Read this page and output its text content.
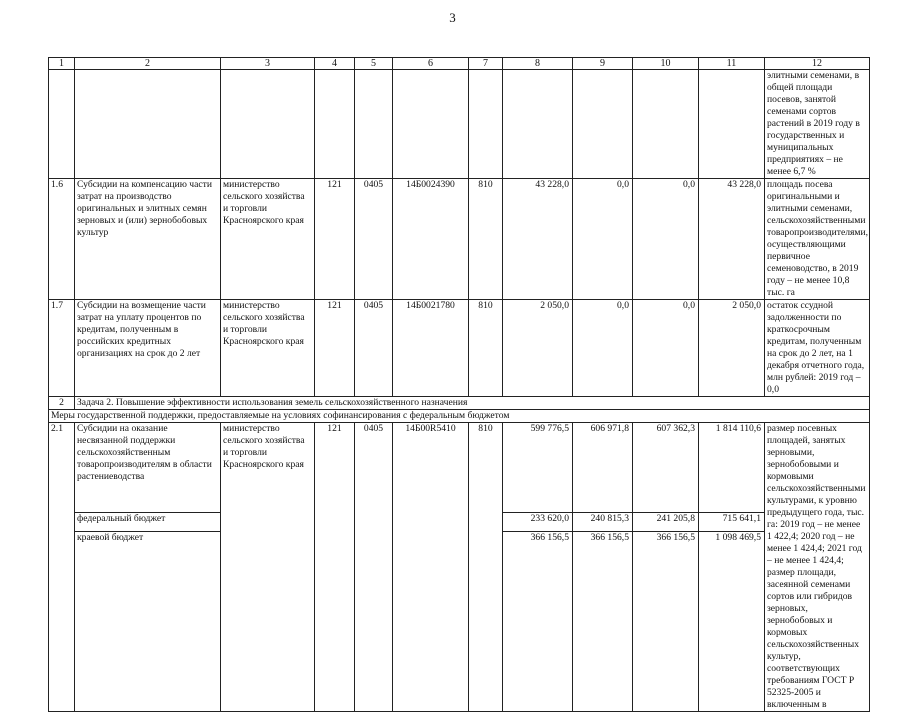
3
1	2	3	4	5	6	7	8	9	10	11	12
											элитными семенами, в общей площади посевов, занятой семенами сортов растений в 2019 году в государственных и муниципальных предприятиях – не менее 6,7 %
1.6	Субсидии на компенсацию части затрат на производство оригинальных и элитных семян зерновых и (или) зернобобовых культур	министерство сельского хозяйства и торговли Красноярского края	121	0405	14Б0024390	810	43 228,0	0,0	0,0	43 228,0	площадь посева оригинальными и элитными семенами, сельскохозяйственными товаропроизводителями, осуществляющими первичное семеноводство, в 2019 году – не менее 10,8 тыс. га
1.7	Субсидии на возмещение части затрат на уплату процентов по кредитам, полученным в российских кредитных организациях на срок до 2 лет	министерство сельского хозяйства и торговли Красноярского края	121	0405	14Б0021780	810	2 050,0	0,0	0,0	2 050,0	остаток ссудной задолженности по краткосрочным кредитам, полученным на срок до 2 лет, на 1 декабря отчетного года, млн рублей: 2019 год – 0,0
2	Задача 2. Повышение эффективности использования земель сельскохозяйственного назначения										
Меры государственной поддержки, предоставляемые на условиях софинансирования с федеральным бюджетом											
2.1	Субсидии на оказание несвязанной поддержки сельскохозяйственным товаропроизводителям в области растениеводства	министерство сельского хозяйства и торговли Красноярского края	121	0405	14Б00R5410	810	599 776,5	606 971,8	607 362,3	1 814 110,6	размер посевных площадей, занятых зерновыми, зернобобовыми и кормовыми сельскохозяйственными культурами, к уровню предыдущего года, тыс. га: 2019 год – не менее 1 422,4; 2020 год – не менее 1 424,4; 2021 год – не менее 1 424,4; размер площади, засеянной семенами сортов или гибридов зерновых, зернобобовых и кормовых сельскохозяйственных культур, соответствующих требованиям ГОСТ Р 52325-2005 и включенным в
	федеральный бюджет						233 620,0	240 815,3	241 205,8	715 641,1	
	краевой бюджет						366 156,5	366 156,5	366 156,5	1 098 469,5	
